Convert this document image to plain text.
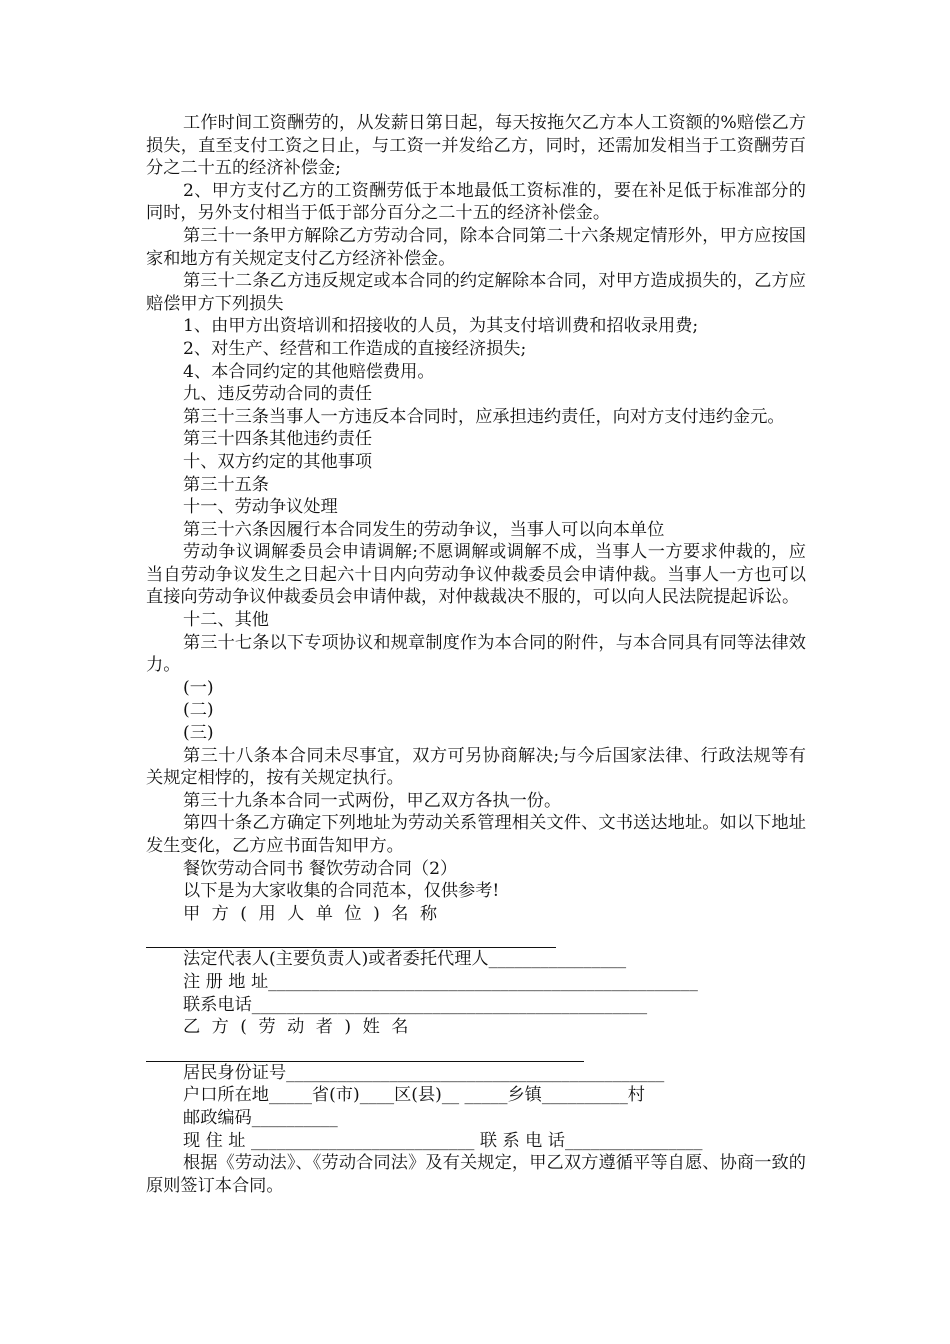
工作时间工资酬劳的，从发薪日第日起，每天按拖欠乙方本人工资额的%赔偿乙方损失，直至支付工资之日止，与工资一并发给乙方，同时，还需加发相当于工资酬劳百分之二十五的经济补偿金;

2、甲方支付乙方的工资酬劳低于本地最低工资标准的，要在补足低于标准部分的同时，另外支付相当于低于部分百分之二十五的经济补偿金。

第三十一条甲方解除乙方劳动合同，除本合同第二十六条规定情形外，甲方应按国家和地方有关规定支付乙方经济补偿金。

第三十二条乙方违反规定或本合同的约定解除本合同，对甲方造成损失的，乙方应赔偿甲方下列损失

1、由甲方出资培训和招接收的人员，为其支付培训费和招收录用费;

2、对生产、经营和工作造成的直接经济损失;

4、本合同约定的其他赔偿费用。

九、违反劳动合同的责任

第三十三条当事人一方违反本合同时，应承担违约责任，向对方支付违约金元。

第三十四条其他违约责任

十、双方约定的其他事项

第三十五条

十一、劳动争议处理

第三十六条因履行本合同发生的劳动争议，当事人可以向本单位

劳动争议调解委员会申请调解;不愿调解或调解不成，当事人一方要求仲裁的，应当自劳动争议发生之日起六十日内向劳动争议仲裁委员会申请仲裁。当事人一方也可以直接向劳动争议仲裁委员会申请仲裁，对仲裁裁决不服的，可以向人民法院提起诉讼。

十二、其他

第三十七条以下专项协议和规章制度作为本合同的附件，与本合同具有同等法律效力。

(一)

(二)

(三)

第三十八条本合同未尽事宜，双方可另协商解决;与今后国家法律、行政法规等有关规定相悖的，按有关规定执行。

第三十九条本合同一式两份，甲乙双方各执一份。

第四十条乙方确定下列地址为劳动关系管理相关文件、文书送达地址。如以下地址发生变化，乙方应书面告知甲方。

餐饮劳动合同书 餐饮劳动合同（2）

以下是为大家收集的合同范本，仅供参考!

甲 方 ( 用 人 单 位 ) 名 称

法定代表人(主要负责人)或者委托代理人________________

注 册 地 址__________________________________________________

联系电话______________________________________________

乙 方 ( 劳 动 者 ) 姓 名

居民身份证号____________________________________________

户口所在地_____省(市)____区(县)__ _____乡镇__________村

邮政编码__________

现 住 址 __________________________ 联 系 电 话________________

根据《劳动法》、《劳动合同法》及有关规定，甲乙双方遵循平等自愿、协商一致的原则签订本合同。
